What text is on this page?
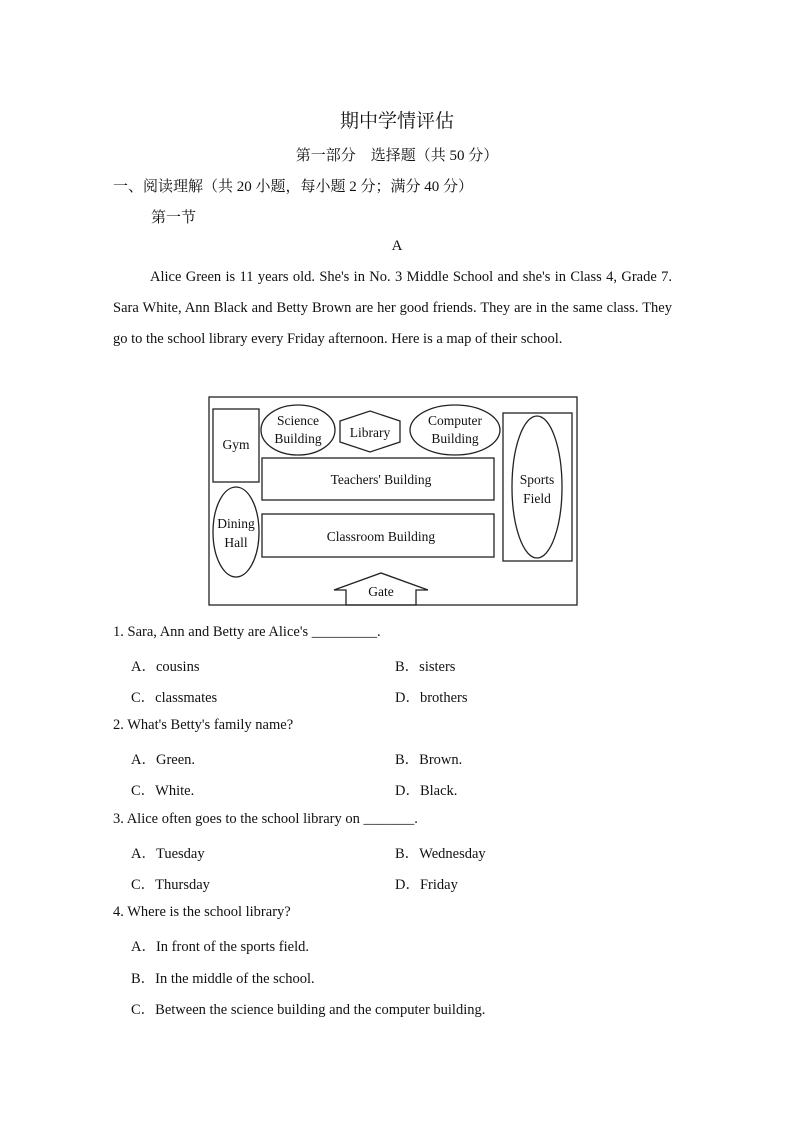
期中学情评估
第一部分　选择题（共 50 分）
一、阅读理解（共 20 小题，每小题 2 分；满分 40 分）
第一节
A
Alice Green is 11 years old. She's in No. 3 Middle School and she's in Class 4, Grade 7. Sara White, Ann Black and Betty Brown are her good friends. They are in the same class. They go to the school library every Friday afternoon. Here is a map of their school.
Gym
Science
Building Library
Computer
Building
Teachers' Building
Classroom Building
Dining
Hall
Sports
Field
Gate
1. Sara, Ann and Betty are Alice's _________.
A．cousins	B．sisters
C．classmates	D．brothers
2. What's Betty's family name?
A．Green.	B．Brown.
C．White.	D．Black.
3. Alice often goes to the school library on _______.
A．Tuesday	B．Wednesday
C．Thursday	D．Friday
4. Where is the school library?
A．In front of the sports field.
B．In the middle of the school.
C．Between the science building and the computer building.
